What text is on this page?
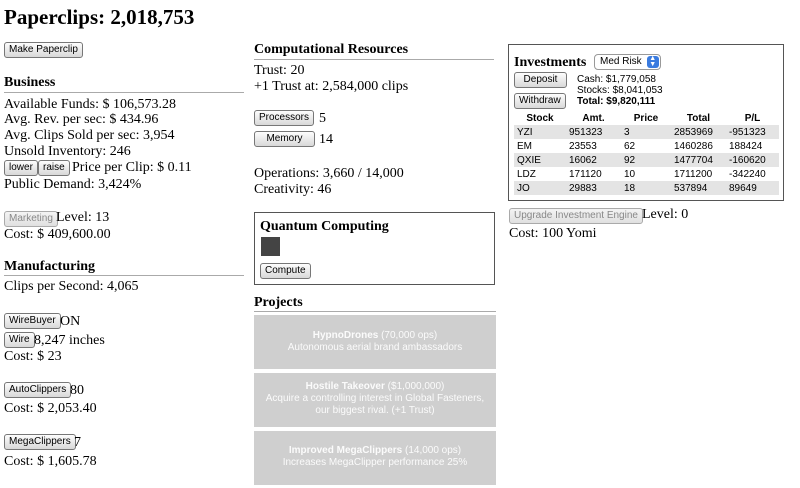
Paperclips: 2,018,753
Make Paperclip
Business
Available Funds: $ 106,573.28
Avg. Rev. per sec: $ 434.96
Avg. Clips Sold per sec: 3,954
Unsold Inventory: 246
lower	raise Price per Clip: $ 0.11
Public Demand: 3,424%
Marketing Level: 13
Cost: $ 409,600.00
Manufacturing
Clips per Second: 4,065
WireBuyer ON
Wire 8,247 inches
Cost: $ 23
AutoClippers 80
Cost: $ 2,053.40
MegaClippers 7
Cost: $ 1,605.78
Computational Resources
Trust: 20
+1 Trust at: 2,584,000 clips
Processors 5
Memory	14
Operations: 3,660 / 14,000
Creativity: 46
Quantum Computing
Compute
Projects
HypnoDrones (70,000 ops)
Autonomous aerial brand ambassadors
Hostile Takeover ($1,000,000)
Acquire a controlling interest in Global Fasteners,
our biggest rival. (+1 Trust)
Improved MegaClippers (14,000 ops)
Increases MegaClipper performance 25%
Investments	Med Risk	▲
▼
Deposit
Withdraw
Cash: $1,779,058
Stocks: $8,041,053
Total: $9,820,111
Stock	Amt.	Price	Total	P/L
YZI	951323	3	2853969	-951323
EM	23553	62	1460286	188424
QXIE	16062	92	1477704	-160620
LDZ	171120	10	1711200	-342240
JO	29883	18	537894	89649
Upgrade Investment Engine Level: 0
Cost: 100 Yomi
